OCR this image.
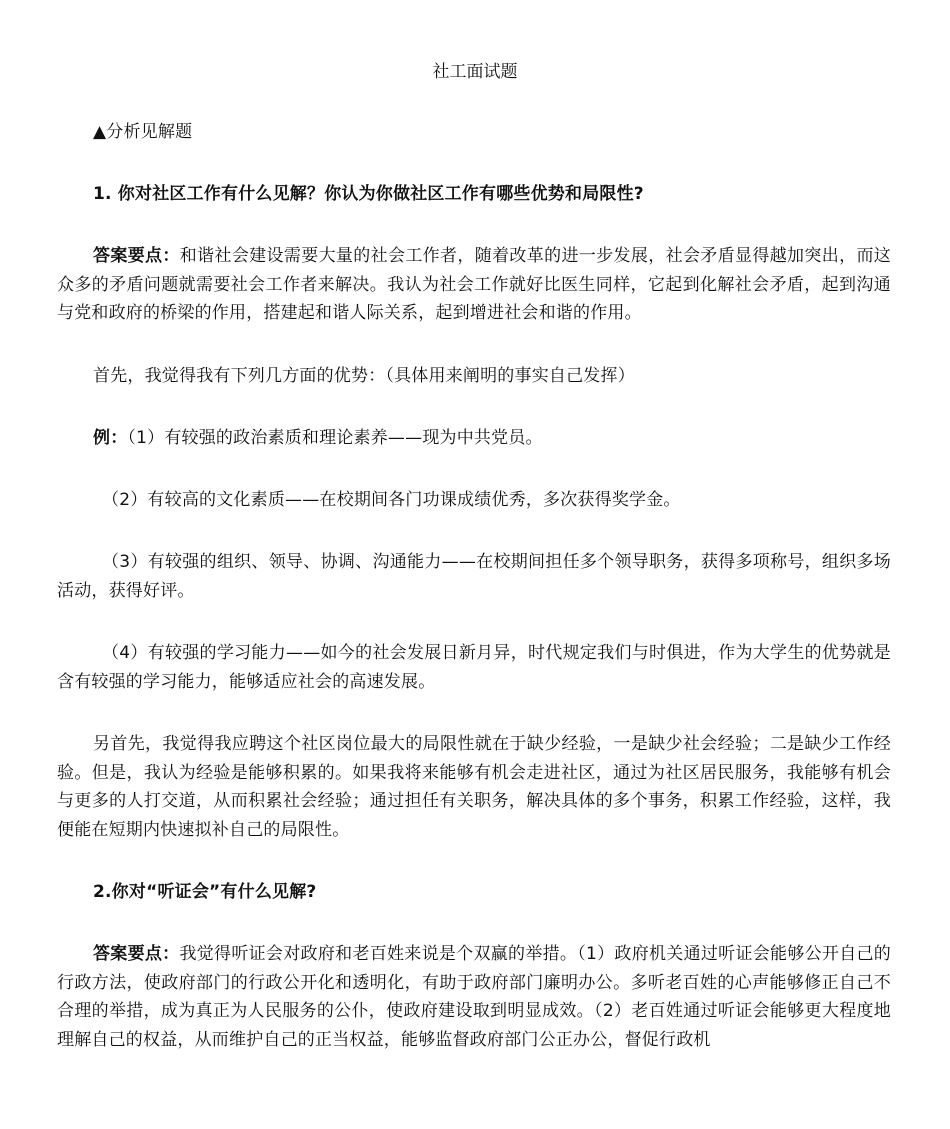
社工面试题
▲分析见解题
1. 你对社区工作有什么见解？你认为你做社区工作有哪些优势和局限性?
答案要点：和谐社会建设需要大量的社会工作者，随着改革的进一步发展，社会矛盾显得越加突出，而这众多的矛盾问题就需要社会工作者来解决。我认为社会工作就好比医生同样，它起到化解社会矛盾，起到沟通与党和政府的桥梁的作用，搭建起和谐人际关系，起到增进社会和谐的作用。
首先，我觉得我有下列几方面的优势：（具体用来阐明的事实自己发挥）
例：（1）有较强的政治素质和理论素养——现为中共党员。
（2）有较高的文化素质——在校期间各门功课成绩优秀，多次获得奖学金。
（3）有较强的组织、领导、协调、沟通能力——在校期间担任多个领导职务，获得多项称号，组织多场活动，获得好评。
（4）有较强的学习能力——如今的社会发展日新月异，时代规定我们与时俱进，作为大学生的优势就是含有较强的学习能力，能够适应社会的高速发展。
另首先，我觉得我应聘这个社区岗位最大的局限性就在于缺少经验，一是缺少社会经验；二是缺少工作经验。但是，我认为经验是能够积累的。如果我将来能够有机会走进社区，通过为社区居民服务，我能够有机会与更多的人打交道，从而积累社会经验；通过担任有关职务，解决具体的多个事务，积累工作经验，这样，我便能在短期内快速拟补自己的局限性。
2.你对“听证会”有什么见解?
答案要点：我觉得听证会对政府和老百姓来说是个双赢的举措。（1）政府机关通过听证会能够公开自己的行政方法，使政府部门的行政公开化和透明化，有助于政府部门廉明办公。多听老百姓的心声能够修正自己不合理的举措，成为真正为人民服务的公仆，使政府建设取到明显成效。（2）老百姓通过听证会能够更大程度地理解自己的权益，从而维护自己的正当权益，能够监督政府部门公正办公，督促行政机
